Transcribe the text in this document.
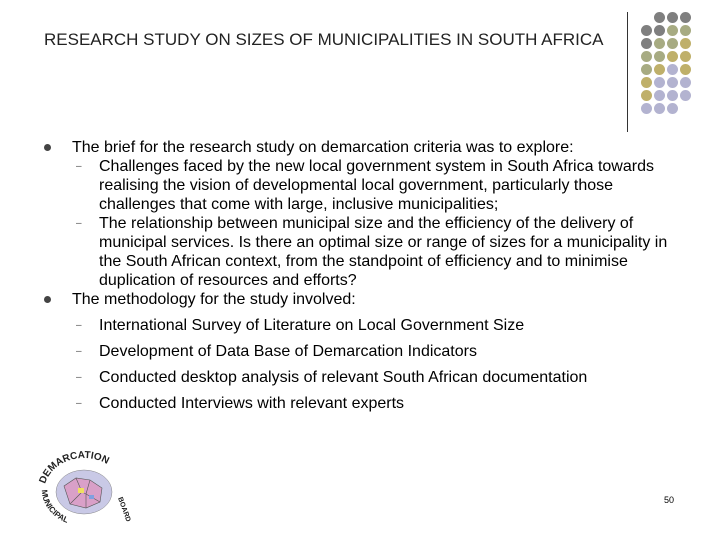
RESEARCH STUDY ON SIZES OF MUNICIPALITIES IN SOUTH AFRICA
The brief for the research study on demarcation criteria was to explore:
– Challenges faced by the new local government system in South Africa towards realising the vision of developmental local government, particularly those challenges that come with large, inclusive municipalities;
– The relationship between municipal size and the efficiency of the delivery of municipal services. Is there an optimal size or range of sizes for a municipality in the South African context, from the standpoint of efficiency and to minimise duplication of resources and efforts?
The methodology for the study involved:
– International Survey of Literature on Local Government Size
– Development of Data Base of Demarcation Indicators
– Conducted desktop analysis of relevant South African documentation
– Conducted Interviews with relevant experts
DEMARCATION
MUNICIPAL	BOARD	50
